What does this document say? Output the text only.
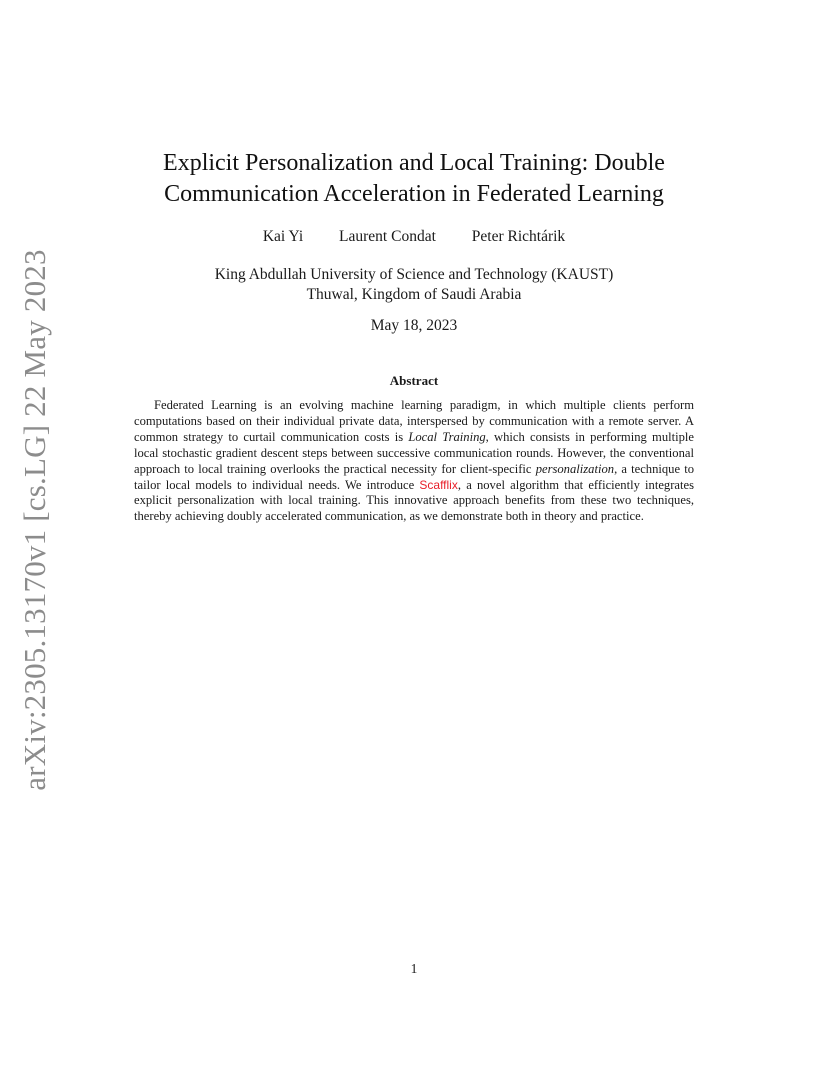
arXiv:2305.13170v1 [cs.LG] 22 May 2023
Explicit Personalization and Local Training: Double
Communication Acceleration in Federated Learning
Kai Yi Laurent Condat Peter Richtárik
King Abdullah University of Science and Technology (KAUST)
Thuwal, Kingdom of Saudi Arabia
May 18, 2023
Abstract
Federated Learning is an evolving machine learning paradigm, in which multiple clients perform computations based on their individual private data, interspersed by communication with a remote server. A common strategy to curtail communication costs is Local Training, which consists in performing multiple local stochastic gradient descent steps between successive communication rounds. However, the conventional approach to local training overlooks the practical necessity for client-specific personalization, a technique to tailor local models to individual needs. We introduce Scafflix, a novel algorithm that efficiently integrates explicit personalization with local training. This innovative approach benefits from these two techniques, thereby achieving doubly accelerated communication, as we demonstrate both in theory and practice.
1
